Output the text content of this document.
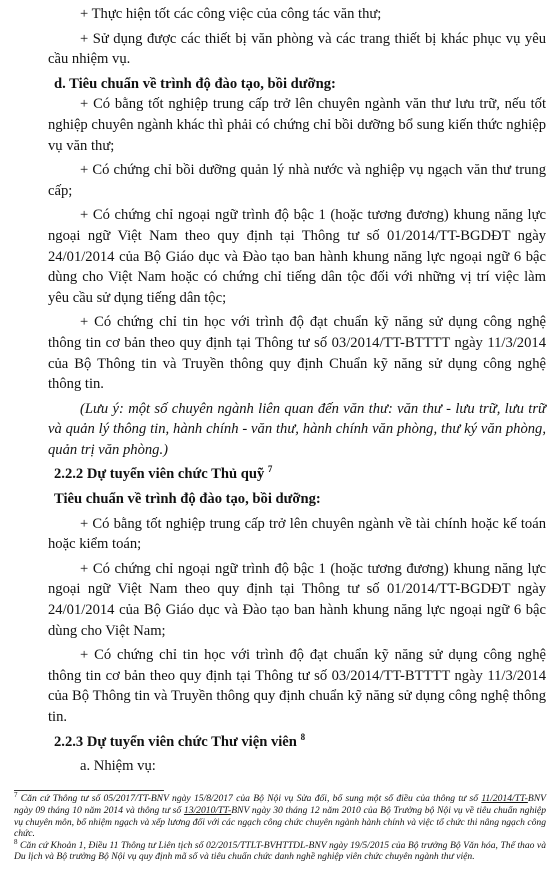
+ Thực hiện tốt các công việc của công tác văn thư;

+ Sử dụng được các thiết bị văn phòng và các trang thiết bị khác phục vụ yêu cầu nhiệm vụ.

d. Tiêu chuẩn về trình độ đào tạo, bồi dưỡng:

+ Có bằng tốt nghiệp trung cấp trở lên chuyên ngành văn thư lưu trữ, nếu tốt nghiệp chuyên ngành khác thì phải có chứng chỉ bồi dưỡng bổ sung kiến thức nghiệp vụ văn thư;

+ Có chứng chỉ bồi dưỡng quản lý nhà nước và nghiệp vụ ngạch văn thư trung cấp;

+ Có chứng chỉ ngoại ngữ trình độ bậc 1 (hoặc tương đương) khung năng lực ngoại ngữ Việt Nam theo quy định tại Thông tư số 01/2014/TT-BGDĐT ngày 24/01/2014 của Bộ Giáo dục và Đào tạo ban hành khung năng lực ngoại ngữ 6 bậc dùng cho Việt Nam hoặc có chứng chỉ tiếng dân tộc đối với những vị trí việc làm yêu cầu sử dụng tiếng dân tộc;

+ Có chứng chỉ tin học với trình độ đạt chuẩn kỹ năng sử dụng công nghệ thông tin cơ bản theo quy định tại Thông tư số 03/2014/TT-BTTTT ngày 11/3/2014 của Bộ Thông tin và Truyền thông quy định Chuẩn kỹ năng sử dụng công nghệ thông tin.

(Lưu ý: một số chuyên ngành liên quan đến văn thư: văn thư - lưu trữ, lưu trữ và quản lý thông tin, hành chính - văn thư, hành chính văn phòng, thư ký văn phòng, quản trị văn phòng.)

2.2.2 Dự tuyển viên chức Thủ quỹ $^7$

Tiêu chuẩn về trình độ đào tạo, bồi dưỡng:

+ Có bằng tốt nghiệp trung cấp trở lên chuyên ngành về tài chính hoặc kế toán hoặc kiểm toán;

+ Có chứng chỉ ngoại ngữ trình độ bậc 1 (hoặc tương đương) khung năng lực ngoại ngữ Việt Nam theo quy định tại Thông tư số 01/2014/TT-BGDĐT ngày 24/01/2014 của Bộ Giáo dục và Đào tạo ban hành khung năng lực ngoại ngữ 6 bậc dùng cho Việt Nam;

+ Có chứng chỉ tin học với trình độ đạt chuẩn kỹ năng sử dụng công nghệ thông tin cơ bản theo quy định tại Thông tư số 03/2014/TT-BTTTT ngày 11/3/2014 của Bộ Thông tin và Truyền thông quy định chuẩn kỹ năng sử dụng công nghệ thông tin.

2.2.3 Dự tuyển viên chức Thư viện viên $^8$

a. Nhiệm vụ:

$^7$ Căn cứ Thông tư số 05/2017/TT-BNV ngày 15/8/2017 của Bộ Nội vụ Sửa đổi, bổ sung một số điều của thông tư số 11/2014/TT-BNV ngày 09 tháng 10 năm 2014 và thông tư số 13/2010/TT-BNV ngày 30 tháng 12 năm 2010 của Bộ Trưởng bộ Nội vụ về tiêu chuẩn nghiệp vụ chuyên môn, bổ nhiệm ngạch và xếp lương đối với các ngạch công chức chuyên ngành hành chính và việc tổ chức thi nâng ngạch công chức.

$^8$ Căn cứ Khoản 1, Điều 11 Thông tư Liên tịch số 02/2015/TTLT-BVHTTDL-BNV ngày 19/5/2015 của Bộ trưởng Bộ Văn hóa, Thể thao và Du lịch và Bộ trưởng Bộ Nội vụ quy định mã số và tiêu chuẩn chức danh nghề nghiệp viên chức chuyên ngành thư viện.
